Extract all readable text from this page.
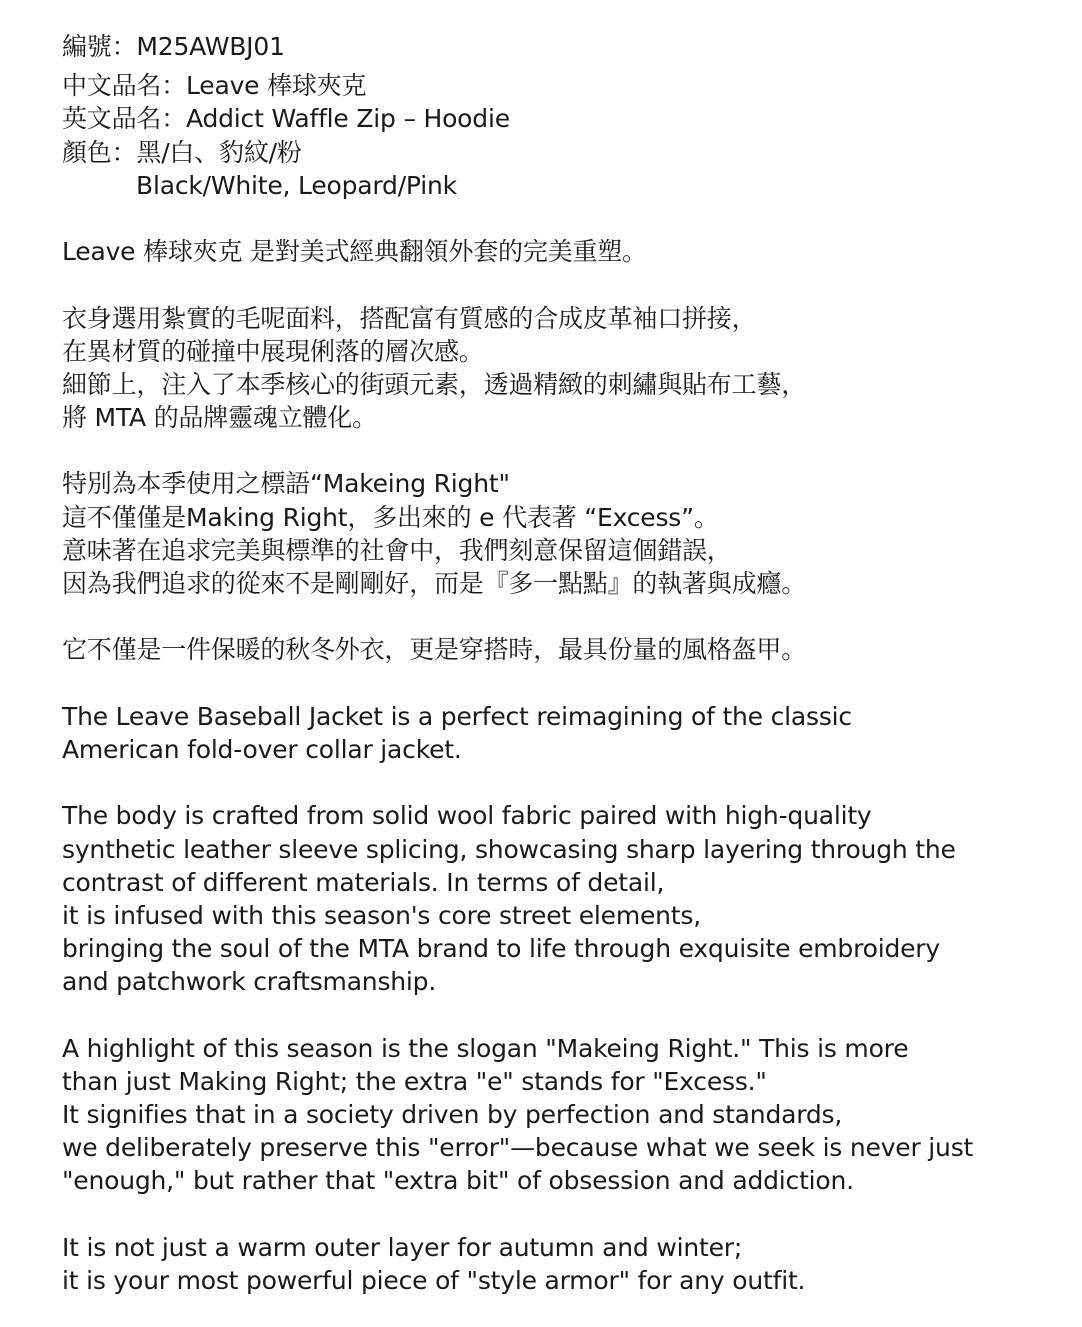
編號：M25AWBJ01
中文品名：Leave 棒球夾克
英文品名：Addict Waffle Zip – Hoodie
顏色：黑/白、豹紋/粉
Black/White, Leopard/Pink
Leave 棒球夾克 是對美式經典翻領外套的完美重塑。
衣身選用紮實的毛呢面料，搭配富有質感的合成皮革袖口拼接，
在異材質的碰撞中展現俐落的層次感。
細節上，注入了本季核心的街頭元素，透過精緻的刺繡與貼布工藝，
將 MTA 的品牌靈魂立體化。
特別為本季使用之標語“Makeing Right"
這不僅僅是Making Right，多出來的 e 代表著 “Excess”。
意味著在追求完美與標準的社會中，我們刻意保留這個錯誤，
因為我們追求的從來不是剛剛好，而是『多一點點』的執著與成癮。
它不僅是一件保暖的秋冬外衣，更是穿搭時，最具份量的風格盔甲。
The Leave Baseball Jacket is a perfect reimagining of the classic
American fold-over collar jacket.
The body is crafted from solid wool fabric paired with high-quality
synthetic leather sleeve splicing, showcasing sharp layering through the
contrast of different materials. In terms of detail,
it is infused with this season's core street elements,
bringing the soul of the MTA brand to life through exquisite embroidery
and patchwork craftsmanship.
A highlight of this season is the slogan "Makeing Right." This is more
than just Making Right; the extra "e" stands for "Excess."
It signifies that in a society driven by perfection and standards,
we deliberately preserve this "error"—because what we seek is never just
"enough," but rather that "extra bit" of obsession and addiction.
It is not just a warm outer layer for autumn and winter;
it is your most powerful piece of "style armor" for any outfit.
